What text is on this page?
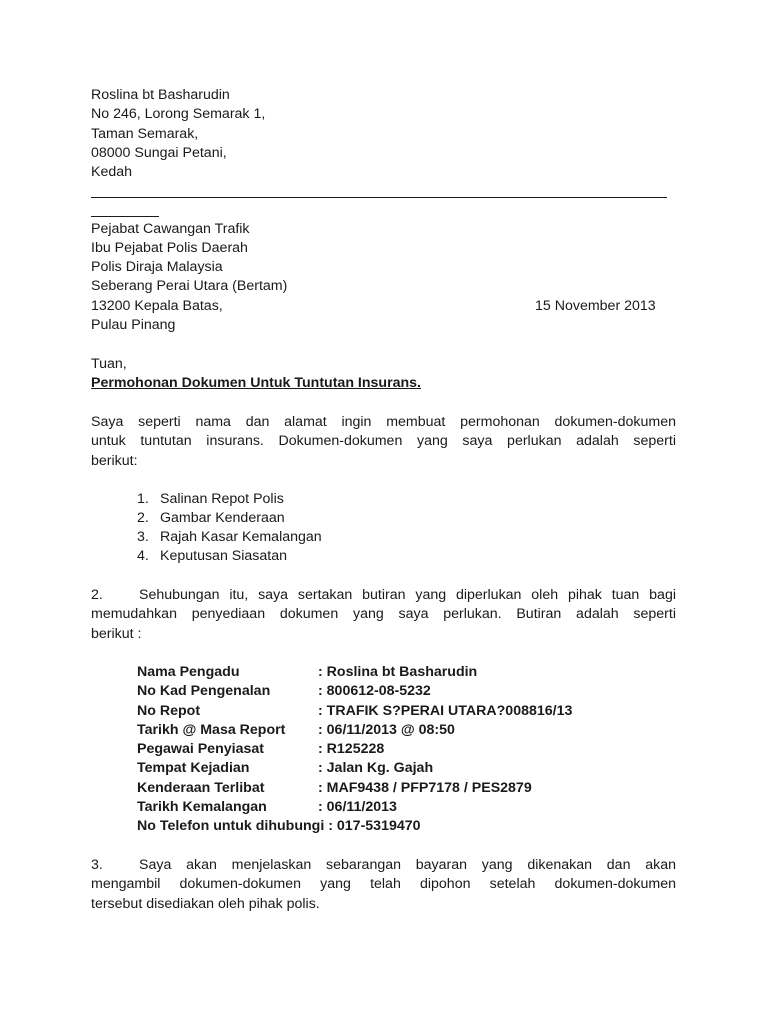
Roslina bt Basharudin
No 246, Lorong Semarak 1,
Taman Semarak,
08000 Sungai Petani,
Kedah
Pejabat Cawangan Trafik
Ibu Pejabat Polis Daerah
Polis Diraja Malaysia
Seberang Perai Utara (Bertam)
13200 Kepala Batas,
Pulau Pinang
15 November 2013
Tuan,
Permohonan Dokumen Untuk Tuntutan Insurans.
Saya seperti nama dan alamat ingin membuat permohonan dokumen-dokumen
untuk tuntutan insurans. Dokumen-dokumen yang saya perlukan adalah seperti
berikut:
1. Salinan Repot Polis
2. Gambar Kenderaan
3. Rajah Kasar Kemalangan
4. Keputusan Siasatan
2.	Sehubungan itu, saya sertakan butiran yang diperlukan oleh pihak tuan bagi
memudahkan penyediaan dokumen yang saya perlukan. Butiran adalah seperti
berikut :
Nama Pengadu	: Roslina bt Basharudin
No Kad Pengenalan	: 800612-08-5232
No Repot	: TRAFIK S?PERAI UTARA?008816/13
Tarikh @ Masa Report : 06/11/2013 @ 08:50
Pegawai Penyiasat	: R125228
Tempat Kejadian	: Jalan Kg. Gajah
Kenderaan Terlibat	: MAF9438 / PFP7178 / PES2879
Tarikh Kemalangan	: 06/11/2013
No Telefon untuk dihubungi : 017-5319470
3.	Saya akan menjelaskan sebarangan bayaran yang dikenakan dan akan
mengambil dokumen-dokumen yang telah dipohon setelah dokumen-dokumen
tersebut disediakan oleh pihak polis.
